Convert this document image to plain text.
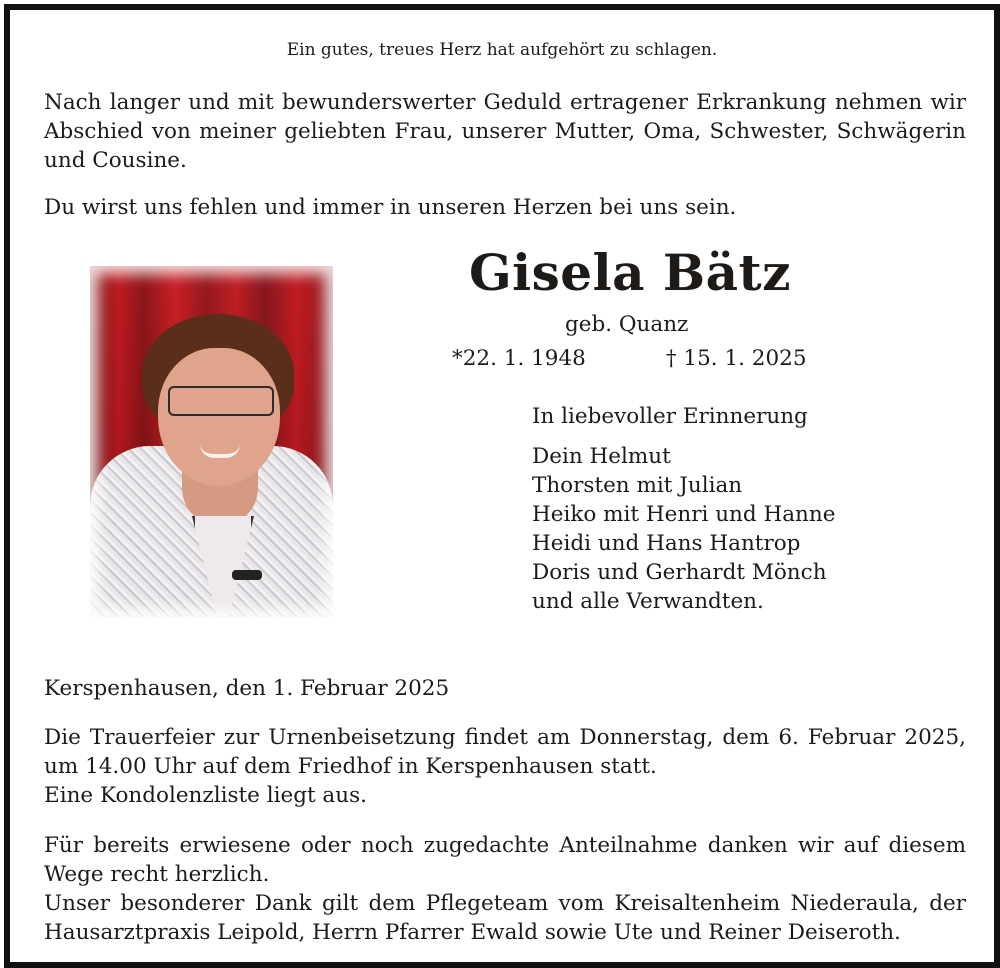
Ein gutes, treues Herz hat aufgehört zu schlagen.

Nach langer und mit bewunderswerter Geduld ertragener Erkrankung nehmen wir

Abschied von meiner geliebten Frau, unserer Mutter, Oma, Schwester, Schwägerin

und Cousine.

Du wirst uns fehlen und immer in unseren Herzen bei uns sein.

Gisela Bätz

geb. Quanz

*22. 1. 1948	† 15. 1. 2025

In liebevoller Erinnerung

Dein Helmut

Thorsten mit Julian

Heiko mit Henri und Hanne

Heidi und Hans Hantrop

Doris und Gerhardt Mönch

und alle Verwandten.

Kerspenhausen, den 1. Februar 2025

Die Trauerfeier zur Urnenbeisetzung findet am Donnerstag, dem 6. Februar 2025,

um 14.00 Uhr auf dem Friedhof in Kerspenhausen statt.

Eine Kondolenzliste liegt aus.

Für bereits erwiesene oder noch zugedachte Anteilnahme danken wir auf diesem

Wege recht herzlich.

Unser besonderer Dank gilt dem Pflegeteam vom Kreisaltenheim Niederaula, der

Hausarztpraxis Leipold, Herrn Pfarrer Ewald sowie Ute und Reiner Deiseroth.
